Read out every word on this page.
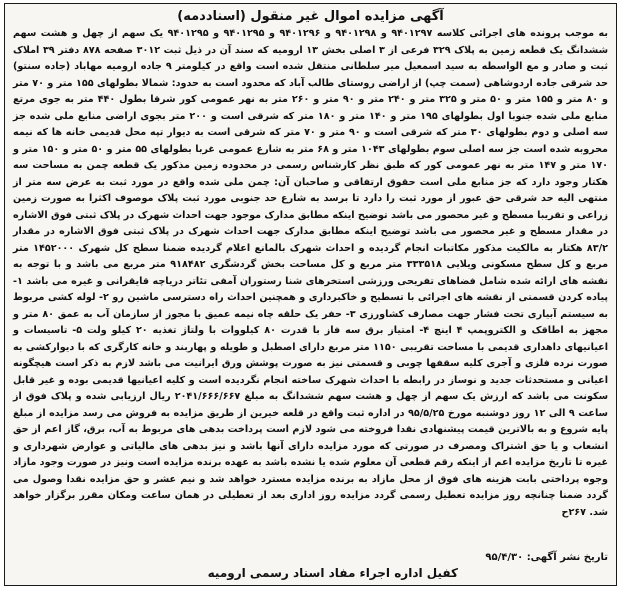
آگهی مزایده اموال غیر منقول (اسناد‌دمه)

به موجب پرونده های اجرائی کلاسه ۹۴۰۱۲۹۷ و ۹۴۰۱۲۹۸ و ۹۴۰۱۲۹۶ و ۹۴۰۱۲۹۵ و ۹۴۰۱۲۹۵ یک سهم از چهل و هشت سهم ششدانگ یک قطعه زمین به پلاک ۳۲۹ فرعی از ۳ اصلی بخش ۱۳ ارومیه که سند آن در ذیل ثبت ۳۰۱۲ صفحه ۸۷۸ دفتر ۳۹ املاک ثبت و صادر و مع الواسطه به سید اسمعیل میر سلطانی منتقل شده است واقع در کیلومتر ۹ جاده ارومیه مهاباد (جاده سنتو) حد شرقی جاده اردوشاهی (سمت چپ) از اراضی روستای طالب آباد که محدود است به حدود: شمالا بطولهای ۱۵۵ متر و ۷۰ متر و ۸۰ متر و ۱۵۵ متر و ۵۰ متر و ۳۲۵ متر و ۲۴۰ متر و ۹۰ متر و ۲۶۰ متر به نهر عمومی کور شرقا بطول ۴۴۰ متر به جوی مرتع منابع ملی شده جنوبا اول بطولهای ۱۹۵ متر و ۱۴۰ متر و ۱۸۰ متر که شرقی است و ۲۰۰ متر بجوی اراضی منابع ملی شده جز سه اصلی و دوم بطولهای ۳۰ متر که شرقی است و ۹۰ متر و ۷۰ متر که شرقی است به دیوار تپه محل قدیمی خانه ها که نیمه محروبه شده است جز سه اصلی سوم بطولهای ۱۰۴۳ متر و ۶۸ متر به شارع عمومی غربا بطولهای ۵۵ متر و ۵۰ متر و ۱۵۰ متر و ۱۷۰ متر و ۱۴۷ متر به نهر عمومی کور که طبق نظر کارشناس رسمی در محدوده زمین مذکور یک قطعه چمن به مساحت سه هکتار وجود دارد که جز منابع ملی است حقوق ارتفاقی و صاحبان آن: چمن ملی شده واقع در مورد ثبت به عرض سه متر از منتهی الیه حد شرقی حق عبور از مورد ثبت را دارد تا برسد به شارع حد جنوبی مورد ثبت پلاک موصوف اکثرا به صورت زمین زراعی و تقریبا مسطح و غیر محصور می باشد توضیح اینکه مطابق مدارک موجود جهت احداث شهرک در پلاک ثبتی فوق الاشاره در مقدار مسطح و غیر محصور می باشد توضیح اینکه مطابق مدارک جهت احداث شهرک در پلاک ثبتی فوق الاشاره در مقدار ۸۳/۲ هکتار به مالکیت مذکور مکاتبات انجام گردیده و احداث شهرک بالمانع اعلام گردیده ضمنا سطح کل شهرک ۱۴۵۲۰۰۰ متر مربع و کل سطح مسکونی ویلایی ۳۳۳۵۱۸ متر مربع و کل مساحت بخش گردشگری ۹۱۸۴۸۲ متر مربع می باشد و با توجه به نقشه های ارائه شده شامل فضاهای تفریحی ورزشی استخرهای شنا رستوران آمفی تئاتر دریاچه قایقرانی و غیره می باشد ۱- پیاده کردن قسمتی از نقشه های اجرائی با تسطیح و خاکبرداری و همچنین احداث راه دسترسی ماشین رو ۲- لوله کشی مربوط به سیستم آبیاری تحت فشار جهت مصارف کشاورزی ۳- حفر یک حلقه چاه نیمه عمیق با مجوز از سازمان آب به عمق ۸۰ متر و مجهز به اطاقک و الکتروپمپ ۴ اینچ ۴- امتیاز برق سه فاز با قدرت ۸۰ کیلووات با ولتاژ تغذیه ۲۰ کیلو ولت ۵- تاسیسات و اعیانیهای داهداری قدیمی با مساحت تقریبی ۱۱۵۰ متر مربع دارای اصطبل و طویله و پهاربند و خانه کارگری که با دیوارکشی به صورت نرده فلزی و آجری کلیه سقفها چوبی و قسمتی نیز به صورت پوشش ورق ایرانیت می باشد لازم به ذکر است هیچگونه اعیانی و مستحدثات جدید و نوساز در رابطه با احداث شهرک ساخته انجام نگردیده است و کلیه اعیانیها قدیمی بوده و غیر قابل سکونت می باشد که ارزش یک سهم از چهل و هشت سهم ششدانگ به مبلغ ۲۰۴۱/۶۶۶/۶۶۷ ریال ارزیابی شده و پلاک فوق از ساعت ۹ الی ۱۲ روز دوشنبه مورخ ۹۵/۵/۲۵ در اداره ثبت واقع در قلعه خیرین از طریق مزایده به فروش می رسد مزایده از مبلغ پایه شروع و به بالاترین قیمت پیشنهادی نقدا فروخته می شود لازم است پرداخت بدهی های مربوط به آب، برق، گاز اعم از حق انشعاب و یا حق اشتراک ومصرف در صورتی که مورد مزایده دارای آنها باشد و نیز بدهی های مالیاتی و عوارض شهرداری و غیره تا تاریخ مزایده اعم از اینکه رقم قطعی آن معلوم شده یا نشده باشد به عهده برنده مزایده است ونیز در صورت وجود مازاد وجوه پرداختی بابت هزینه های فوق از محل مازاد به برنده مزایده مسترد خواهد شد و نیم عشر و حق مزایده نقدا وصول می گردد ضمنا چنانچه روز مزایده تعطیل رسمی گردد مزایده روز اداری بعد از تعطیلی در همان ساعت ومکان مقرر برگزار خواهد شد. ۲۶۷ح

تاریخ نشر آگهی: ۹۵/۴/۳۰
کفیل اداره اجراء مفاد اسناد رسمی ارومیه
